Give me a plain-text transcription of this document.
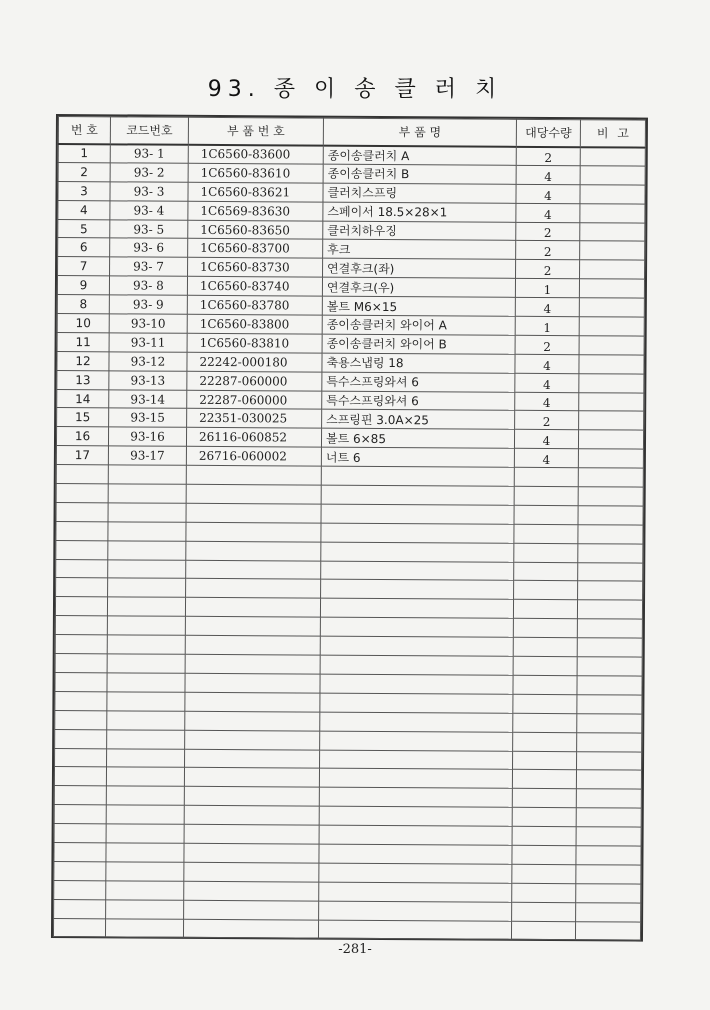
93. 종 이 송 클 러 치
번 호	코드번호	부 품 번 호	부 품 명	대당수량	비 고

1	93- 1	1C6560-83600	종이송클러치 A	2	
2	93- 2	1C6560-83610	종이송클러치 B	4	
3	93- 3	1C6560-83621	클러치스프링	4	
4	93- 4	1C6569-83630	스페이서 18.5×28×1	4	
5	93- 5	1C6560-83650	클러치하우징	2	
6	93- 6	1C6560-83700	후크	2	
7	93- 7	1C6560-83730	연결후크(좌)	2	
9	93- 8	1C6560-83740	연결후크(우)	1	
8	93- 9	1C6560-83780	볼트 M6×15	4	
10	93-10	1C6560-83800	종이송클러치 와이어 A	1	
11	93-11	1C6560-83810	종이송클러치 와이어 B	2	
12	93-12	22242-000180	축용스냅링 18	4	
13	93-13	22287-060000	특수스프링와셔 6	4	
14	93-14	22287-060000	특수스프링와셔 6	4	
15	93-15	22351-030025	스프링핀 3.0A×25	2	
16	93-16	26116-060852	볼트 6×85	4	
17	93-17	26716-060002	너트 6	4	

-281-
